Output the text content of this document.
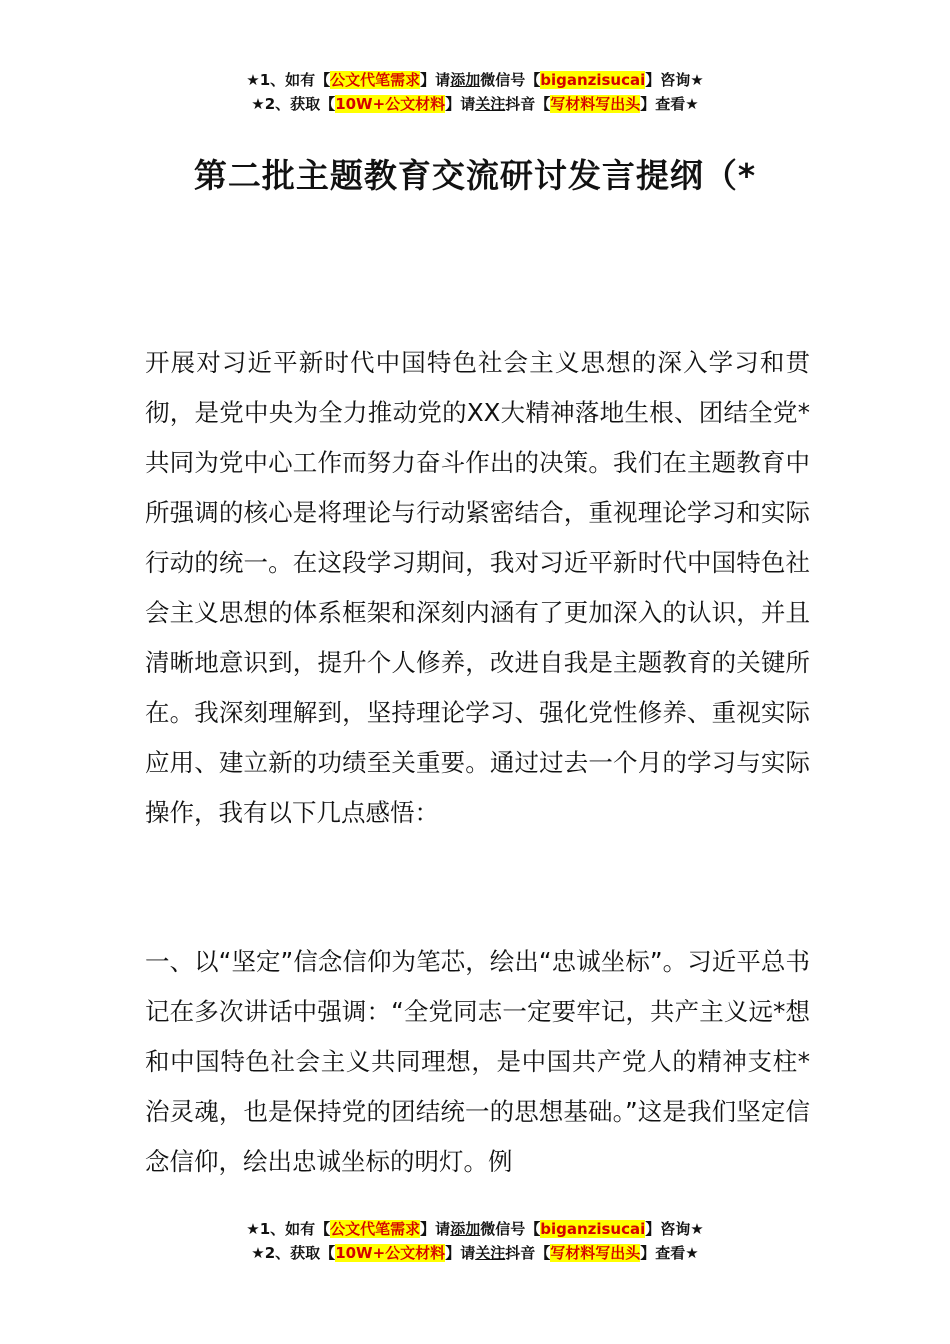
★1、如有【公文代笔需求】请添加微信号【biganzisucai】咨询★
★2、获取【10W+公文材料】请关注抖音【写材料写出头】查看★
第二批主题教育交流研讨发言提纲（*

开展对习近平新时代中国特色社会主义思想的深入学习和贯彻，是党中央为全力推动党的XX大精神落地生根、团结全党*共同为党中心工作而努力奋斗作出的决策。我们在主题教育中所强调的核心是将理论与行动紧密结合，重视理论学习和实际行动的统一。在这段学习期间，我对习近平新时代中国特色社会主义思想的体系框架和深刻内涵有了更加深入的认识，并且清晰地意识到，提升个人修养，改进自我是主题教育的关键所在。我深刻理解到，坚持理论学习、强化党性修养、重视实际应用、建立新的功绩至关重要。通过过去一个月的学习与实际操作，我有以下几点感悟：

一、以“坚定”信念信仰为笔芯，绘出“忠诚坐标”。习近平总书记在多次讲话中强调：“全党同志一定要牢记，共产主义远*想和中国特色社会主义共同理想，是中国共产党人的精神支柱*治灵魂，也是保持党的团结统一的思想基础。”这是我们坚定信念信仰，绘出忠诚坐标的明灯。例

★1、如有【公文代笔需求】请添加微信号【biganzisucai】咨询★
★2、获取【10W+公文材料】请关注抖音【写材料写出头】查看★
